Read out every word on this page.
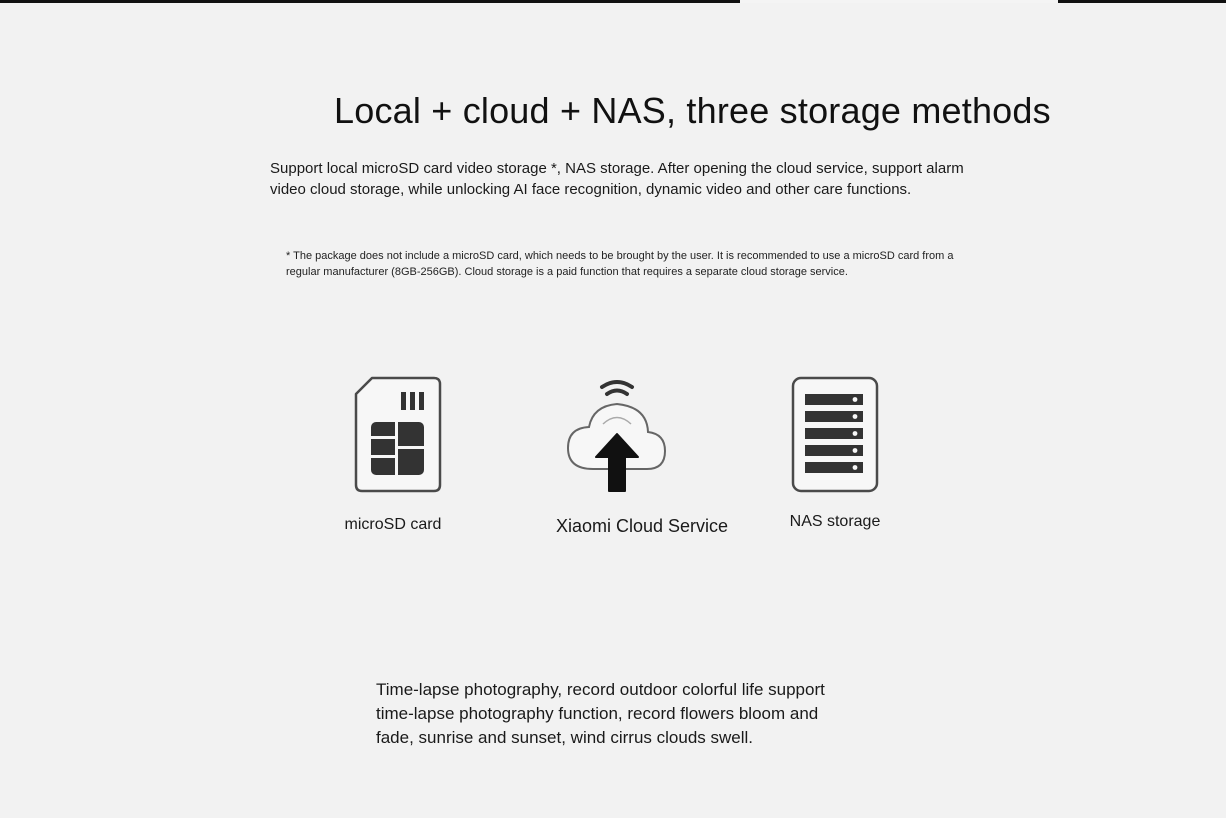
Local + cloud + NAS, three storage methods

Support local microSD card video storage *, NAS storage. After opening the cloud service, support alarm video cloud storage, while unlocking AI face recognition, dynamic video and other care functions.

* The package does not include a microSD card, which needs to be brought by the user. It is recommended to use a microSD card from a regular manufacturer (8GB-256GB). Cloud storage is a paid function that requires a separate cloud storage service.

microSD card	Xiaomi Cloud Service	NAS storage

Time-lapse photography, record outdoor colorful life support time-lapse photography function, record flowers bloom and fade, sunrise and sunset, wind cirrus clouds swell.
